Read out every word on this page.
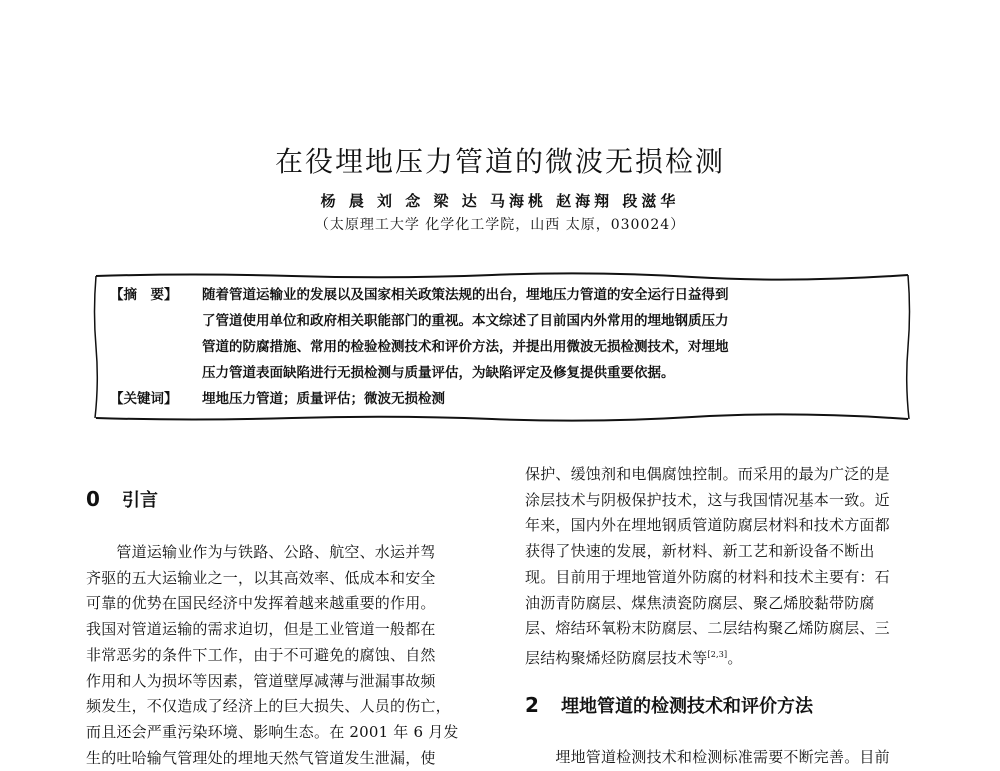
在役埋地压力管道的微波无损检测
杨 晨 刘 念 梁 达 马海桃 赵海翔 段滋华
（太原理工大学 化学化工学院，山西 太原，030024）
【摘　要】	随着管道运输业的发展以及国家相关政策法规的出台，埋地压力管道的安全运行日益得到
了管道使用单位和政府相关职能部门的重视。本文综述了目前国内外常用的埋地钢质压力
管道的防腐措施、常用的检验检测技术和评价方法，并提出用微波无损检测技术，对埋地
压力管道表面缺陷进行无损检测与质量评估，为缺陷评定及修复提供重要依据。
【关键词】	埋地压力管道；质量评估；微波无损检测
0 引言
　　管道运输业作为与铁路、公路、航空、水运并驾
齐驱的五大运输业之一，以其高效率、低成本和安全
可靠的优势在国民经济中发挥着越来越重要的作用。
我国对管道运输的需求迫切，但是工业管道一般都在
非常恶劣的条件下工作，由于不可避免的腐蚀、自然
作用和人为损坏等因素，管道壁厚减薄与泄漏事故频
频发生，不仅造成了经济上的巨大损失、人员的伤亡，
而且还会严重污染环境、影响生态。在 2001 年 6 月发
生的吐哈输气管理处的埋地天然气管道发生泄漏，使
保护、缓蚀剂和电偶腐蚀控制。而采用的最为广泛的是
涂层技术与阴极保护技术，这与我国情况基本一致。近
年来，国内外在埋地钢质管道防腐层材料和技术方面都
获得了快速的发展，新材料、新工艺和新设备不断出
现。目前用于埋地管道外防腐的材料和技术主要有：石
油沥青防腐层、煤焦渍瓷防腐层、聚乙烯胶黏带防腐
层、熔结环氧粉末防腐层、二层结构聚乙烯防腐层、三
层结构聚烯烃防腐层技术等[2,3]。
2 埋地管道的检测技术和评价方法
　　埋地管道检测技术和检测标准需要不断完善。目前
